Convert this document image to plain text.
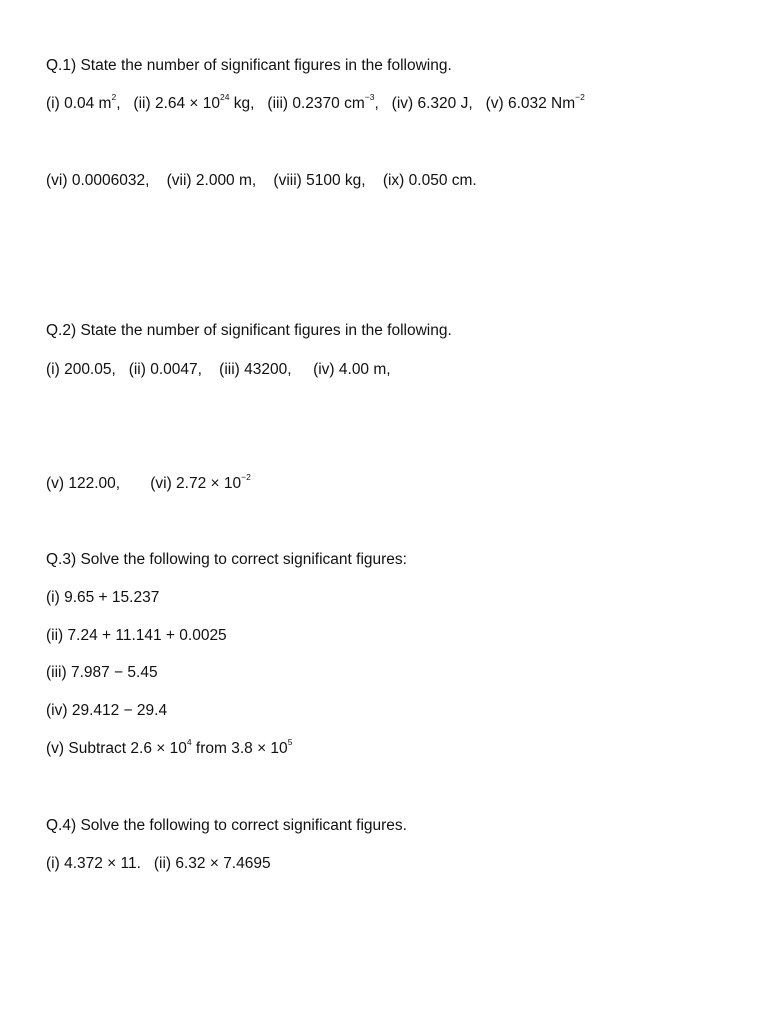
Q.1) State the number of significant figures in the following.
(i) 0.04 $m^2$,   (ii) $2.64 \times 10^{24}$ kg,   (iii) 0.2370 $cm^{-3}$,   (iv) 6.320 J,   (v) 6.032 $Nm^{-2}$
(vi) 0.0006032,    (vii) 2.000 m,    (viii) 5100 kg,    (ix) 0.050 cm.
Q.2) State the number of significant figures in the following.
(i) 200.05,   (ii) 0.0047,    (iii) 43200,     (iv) 4.00 m,
(v) 122.00,       (vi) $2.72 \times 10^{-2}$
Q.3) Solve the following to correct significant figures:
(i) 9.65 + 15.237
(ii) 7.24 + 11.141 + 0.0025
(iii) 7.987 − 5.45
(iv) 29.412 − 29.4
(v) Subtract $2.6 \times 10^4$ from $3.8 \times 10^5$
Q.4) Solve the following to correct significant figures.
(i) 4.372 × 11.   (ii) 6.32 × 7.4695
